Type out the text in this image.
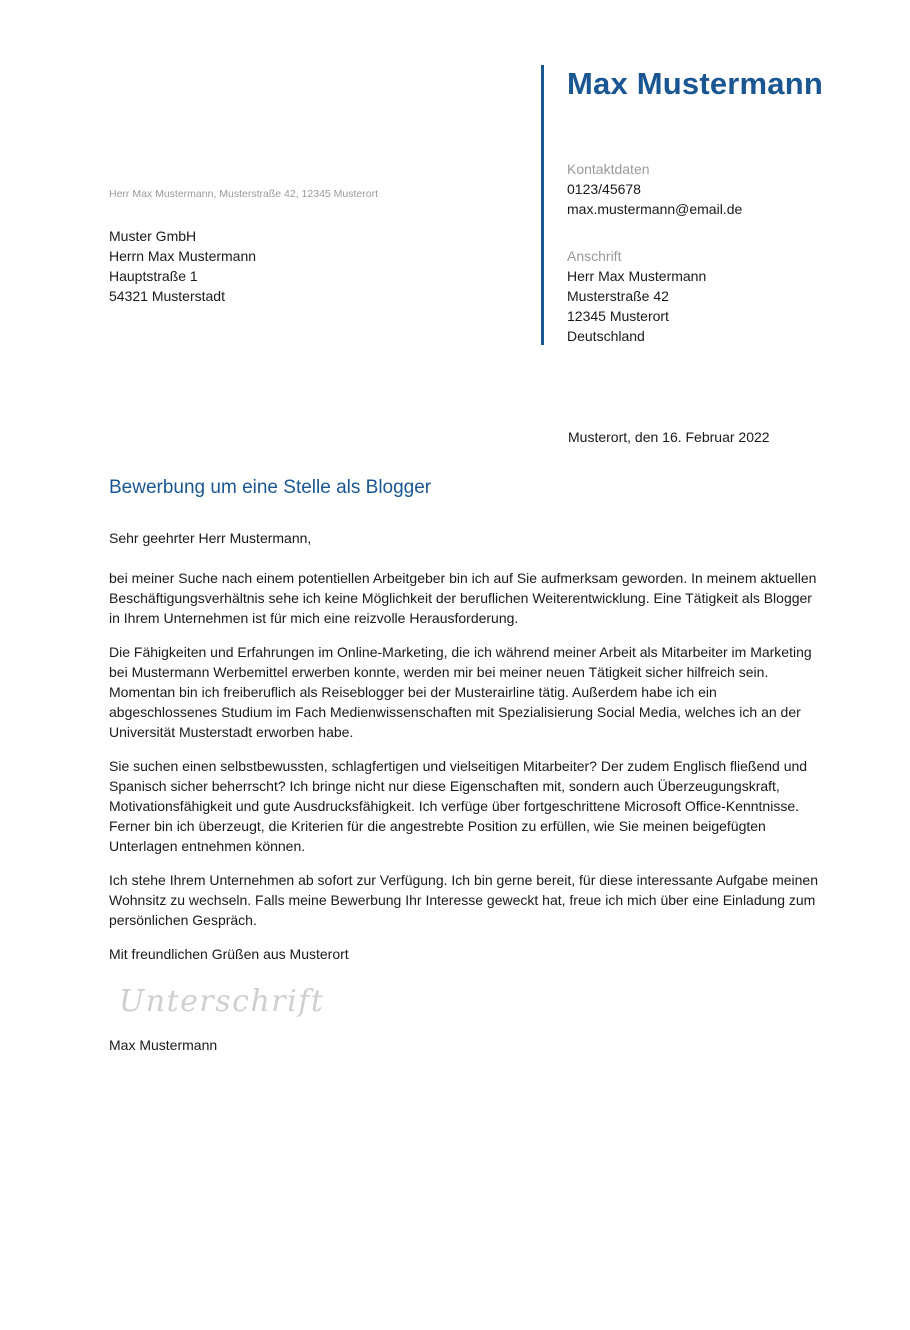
Max Mustermann
Kontaktdaten
0123/45678
max.mustermann@email.de
Anschrift
Herr Max Mustermann
Musterstraße 42
12345 Musterort
Deutschland
Herr Max Mustermann, Musterstraße 42, 12345 Musterort
Muster GmbH
Herrn Max Mustermann
Hauptstraße 1
54321 Musterstadt
Musterort, den 16. Februar 2022
Bewerbung um eine Stelle als Blogger

Sehr geehrter Herr Mustermann,

bei meiner Suche nach einem potentiellen Arbeitgeber bin ich auf Sie aufmerksam geworden. In meinem aktuellen Beschäftigungsverhältnis sehe ich keine Möglichkeit der beruflichen Weiterentwicklung. Eine Tätigkeit als Blogger in Ihrem Unternehmen ist für mich eine reizvolle Herausforderung.

Die Fähigkeiten und Erfahrungen im Online-Marketing, die ich während meiner Arbeit als Mitarbeiter im Marketing bei Mustermann Werbemittel erwerben konnte, werden mir bei meiner neuen Tätigkeit sicher hilfreich sein. Momentan bin ich freiberuflich als Reiseblogger bei der Musterairline tätig. Außerdem habe ich ein abgeschlossenes Studium im Fach Medienwissenschaften mit Spezialisierung Social Media, welches ich an der Universität Musterstadt erworben habe.

Sie suchen einen selbstbewussten, schlagfertigen und vielseitigen Mitarbeiter? Der zudem Englisch fließend und Spanisch sicher beherrscht? Ich bringe nicht nur diese Eigenschaften mit, sondern auch Überzeugungskraft, Motivationsfähigkeit und gute Ausdrucksfähigkeit. Ich verfüge über fortgeschrittene Microsoft Office-Kenntnisse. Ferner bin ich überzeugt, die Kriterien für die angestrebte Position zu erfüllen, wie Sie meinen beigefügten Unterlagen entnehmen können.

Ich stehe Ihrem Unternehmen ab sofort zur Verfügung. Ich bin gerne bereit, für diese interessante Aufgabe meinen Wohnsitz zu wechseln. Falls meine Bewerbung Ihr Interesse geweckt hat, freue ich mich über eine Einladung zum persönlichen Gespräch.

Mit freundlichen Grüßen aus Musterort

Unterschrift
Max Mustermann
